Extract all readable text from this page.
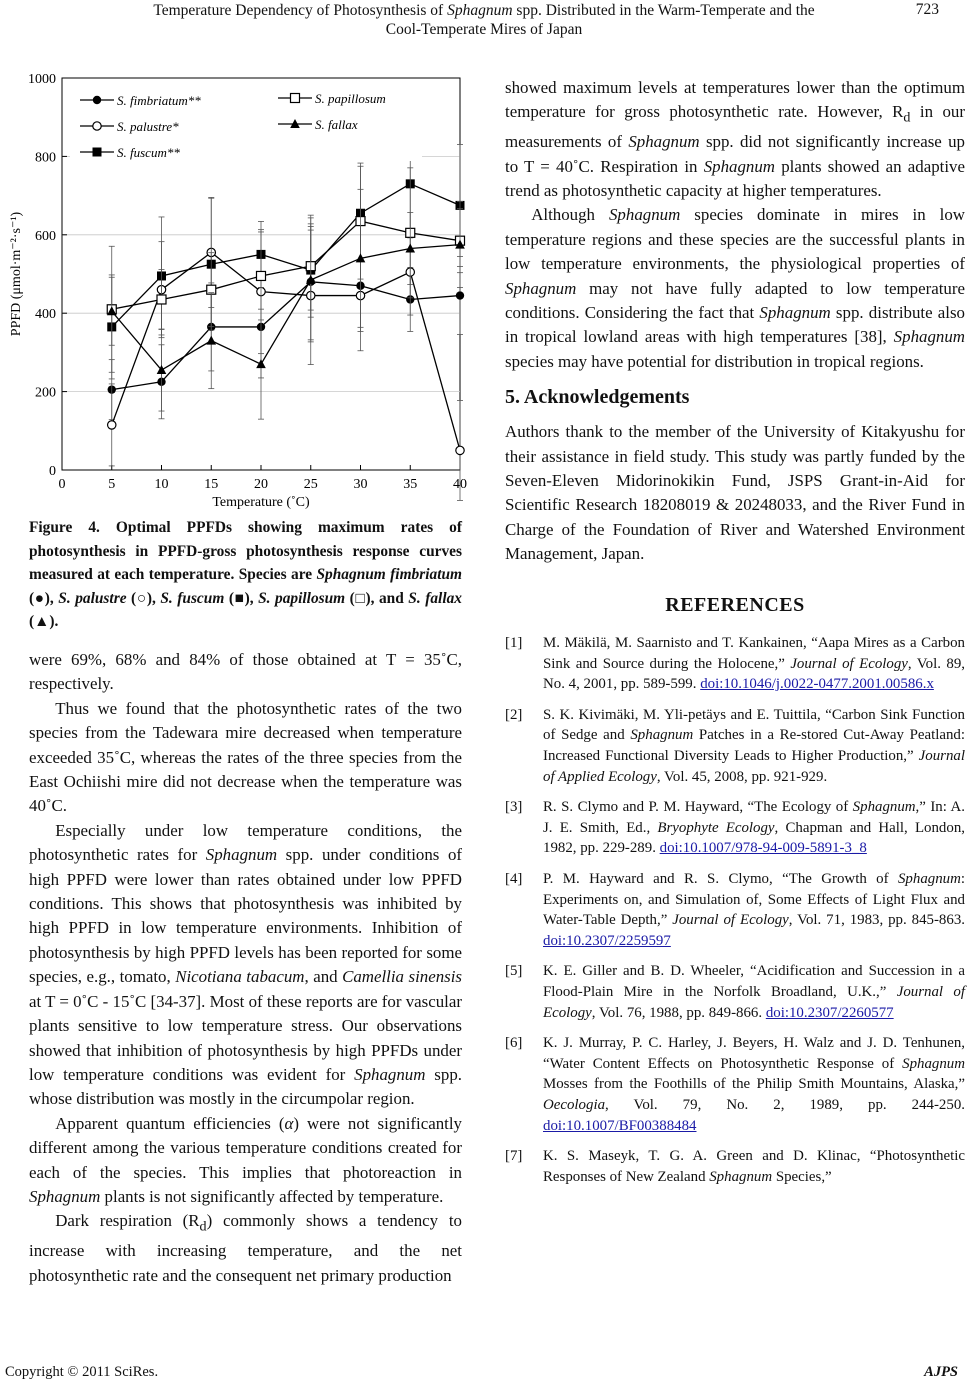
Temperature Dependency of Photosynthesis of Sphagnum spp. Distributed in the Warm-Temperate and the
Cool-Temperate Mires of Japan
723
0
200
400
600
800
1000
0	5	10	15	20	25	30	35	40
S. fimbriatum**
S. palustre*
S. fuscum**
S. papillosum
S. fallax
Temperature (˚C)
PPFD (μmol·m⁻²·s⁻¹)
Figure 4. Optimal PPFDs showing maximum rates of photosynthesis in PPFD-gross photosynthesis response curves measured at each temperature. Species are Sphagnum fimbriatum (●), S. palustre (○), S. fuscum (■), S. papillosum (□), and S. fallax (▲).

were 69%, 68% and 84% of those obtained at T = 35˚C, respectively.

Thus we found that the photosynthetic rates of the two species from the Tadewara mire decreased when temperature exceeded 35˚C, whereas the rates of the three species from the East Ochiishi mire did not decrease when the temperature was 40˚C.

Especially under low temperature conditions, the photosynthetic rates for Sphagnum spp. under conditions of high PPFD were lower than rates obtained under low PPFD conditions. This shows that photosynthesis was inhibited by high PPFD in low temperature environments. Inhibition of photosynthesis by high PPFD levels has been reported for some species, e.g., tomato, Nicotiana tabacum, and Camellia sinensis at T = 0˚C - 15˚C [34-37]. Most of these reports are for vascular plants sensitive to low temperature stress. Our observations showed that inhibition of photosynthesis by high PPFDs under low temperature conditions was evident for Sphagnum spp. whose distribution was mostly in the circumpolar region.

Apparent quantum efficiencies (α) were not significantly different among the various temperature conditions created for each of the species. This implies that photoreaction in Sphagnum plants is not significantly affected by temperature.

Dark respiration $(R_d)$ commonly shows a tendency to increase with increasing temperature, and the net photosynthetic rate and the consequent net primary production

showed maximum levels at temperatures lower than the optimum temperature for gross photosynthetic rate. However, $R_d$ in our measurements of Sphagnum spp. did not significantly increase up to T = 40˚C. Respiration in Sphagnum plants showed an adaptive trend as photosynthetic capacity at higher temperatures.

Although Sphagnum species dominate in mires in low temperature regions and these species are the successful plants in low temperature environments, the physiological properties of Sphagnum may not have fully adapted to low temperature conditions. Considering the fact that Sphagnum spp. distribute also in tropical lowland areas with high temperatures [38], Sphagnum species may have potential for distribution in tropical regions.

5. Acknowledgements

Authors thank to the member of the University of Kitakyushu for their assistance in field study. This study was partly funded by the Seven-Eleven Midorinokikin Fund, JSPS Grant-in-Aid for Scientific Research 18208019 & 20248033, and the River Fund in Charge of the Foundation of River and Watershed Environment Management, Japan.

REFERENCES
[1] M. Mäkilä, M. Saarnisto and T. Kankainen, “Aapa Mires as a Carbon Sink and Source during the Holocene,” Journal of Ecology, Vol. 89, No. 4, 2001, pp. 589-599. doi:10.1046/j.0022-0477.2001.00586.x
[2] S. K. Kivimäki, M. Yli-petäys and E. Tuittila, “Carbon Sink Function of Sedge and Sphagnum Patches in a Re-stored Cut-Away Peatland: Increased Functional Diversity Leads to Higher Production,” Journal of Applied Ecology, Vol. 45, 2008, pp. 921-929.
[3] R. S. Clymo and P. M. Hayward, “The Ecology of Sphagnum,” In: A. J. E. Smith, Ed., Bryophyte Ecology, Chapman and Hall, London, 1982, pp. 229-289. doi:10.1007/978-94-009-5891-3_8
[4] P. M. Hayward and R. S. Clymo, “The Growth of Sphagnum: Experiments on, and Simulation of, Some Effects of Light Flux and Water-Table Depth,” Journal of Ecology, Vol. 71, 1983, pp. 845-863. doi:10.2307/2259597
[5] K. E. Giller and B. D. Wheeler, “Acidification and Succession in a Flood-Plain Mire in the Norfolk Broadland, U.K.,” Journal of Ecology, Vol. 76, 1988, pp. 849-866. doi:10.2307/2260577
[6] K. J. Murray, P. C. Harley, J. Beyers, H. Walz and J. D. Tenhunen, “Water Content Effects on Photosynthetic Response of Sphagnum Mosses from the Foothills of the Philip Smith Mountains, Alaska,” Oecologia, Vol. 79, No. 2, 1989, pp. 244-250. doi:10.1007/BF00388484
[7] K. S. Maseyk, T. G. A. Green and D. Klinac, “Photosynthetic Responses of New Zealand Sphagnum Species,”
Copyright © 2011 SciRes.	AJPS
